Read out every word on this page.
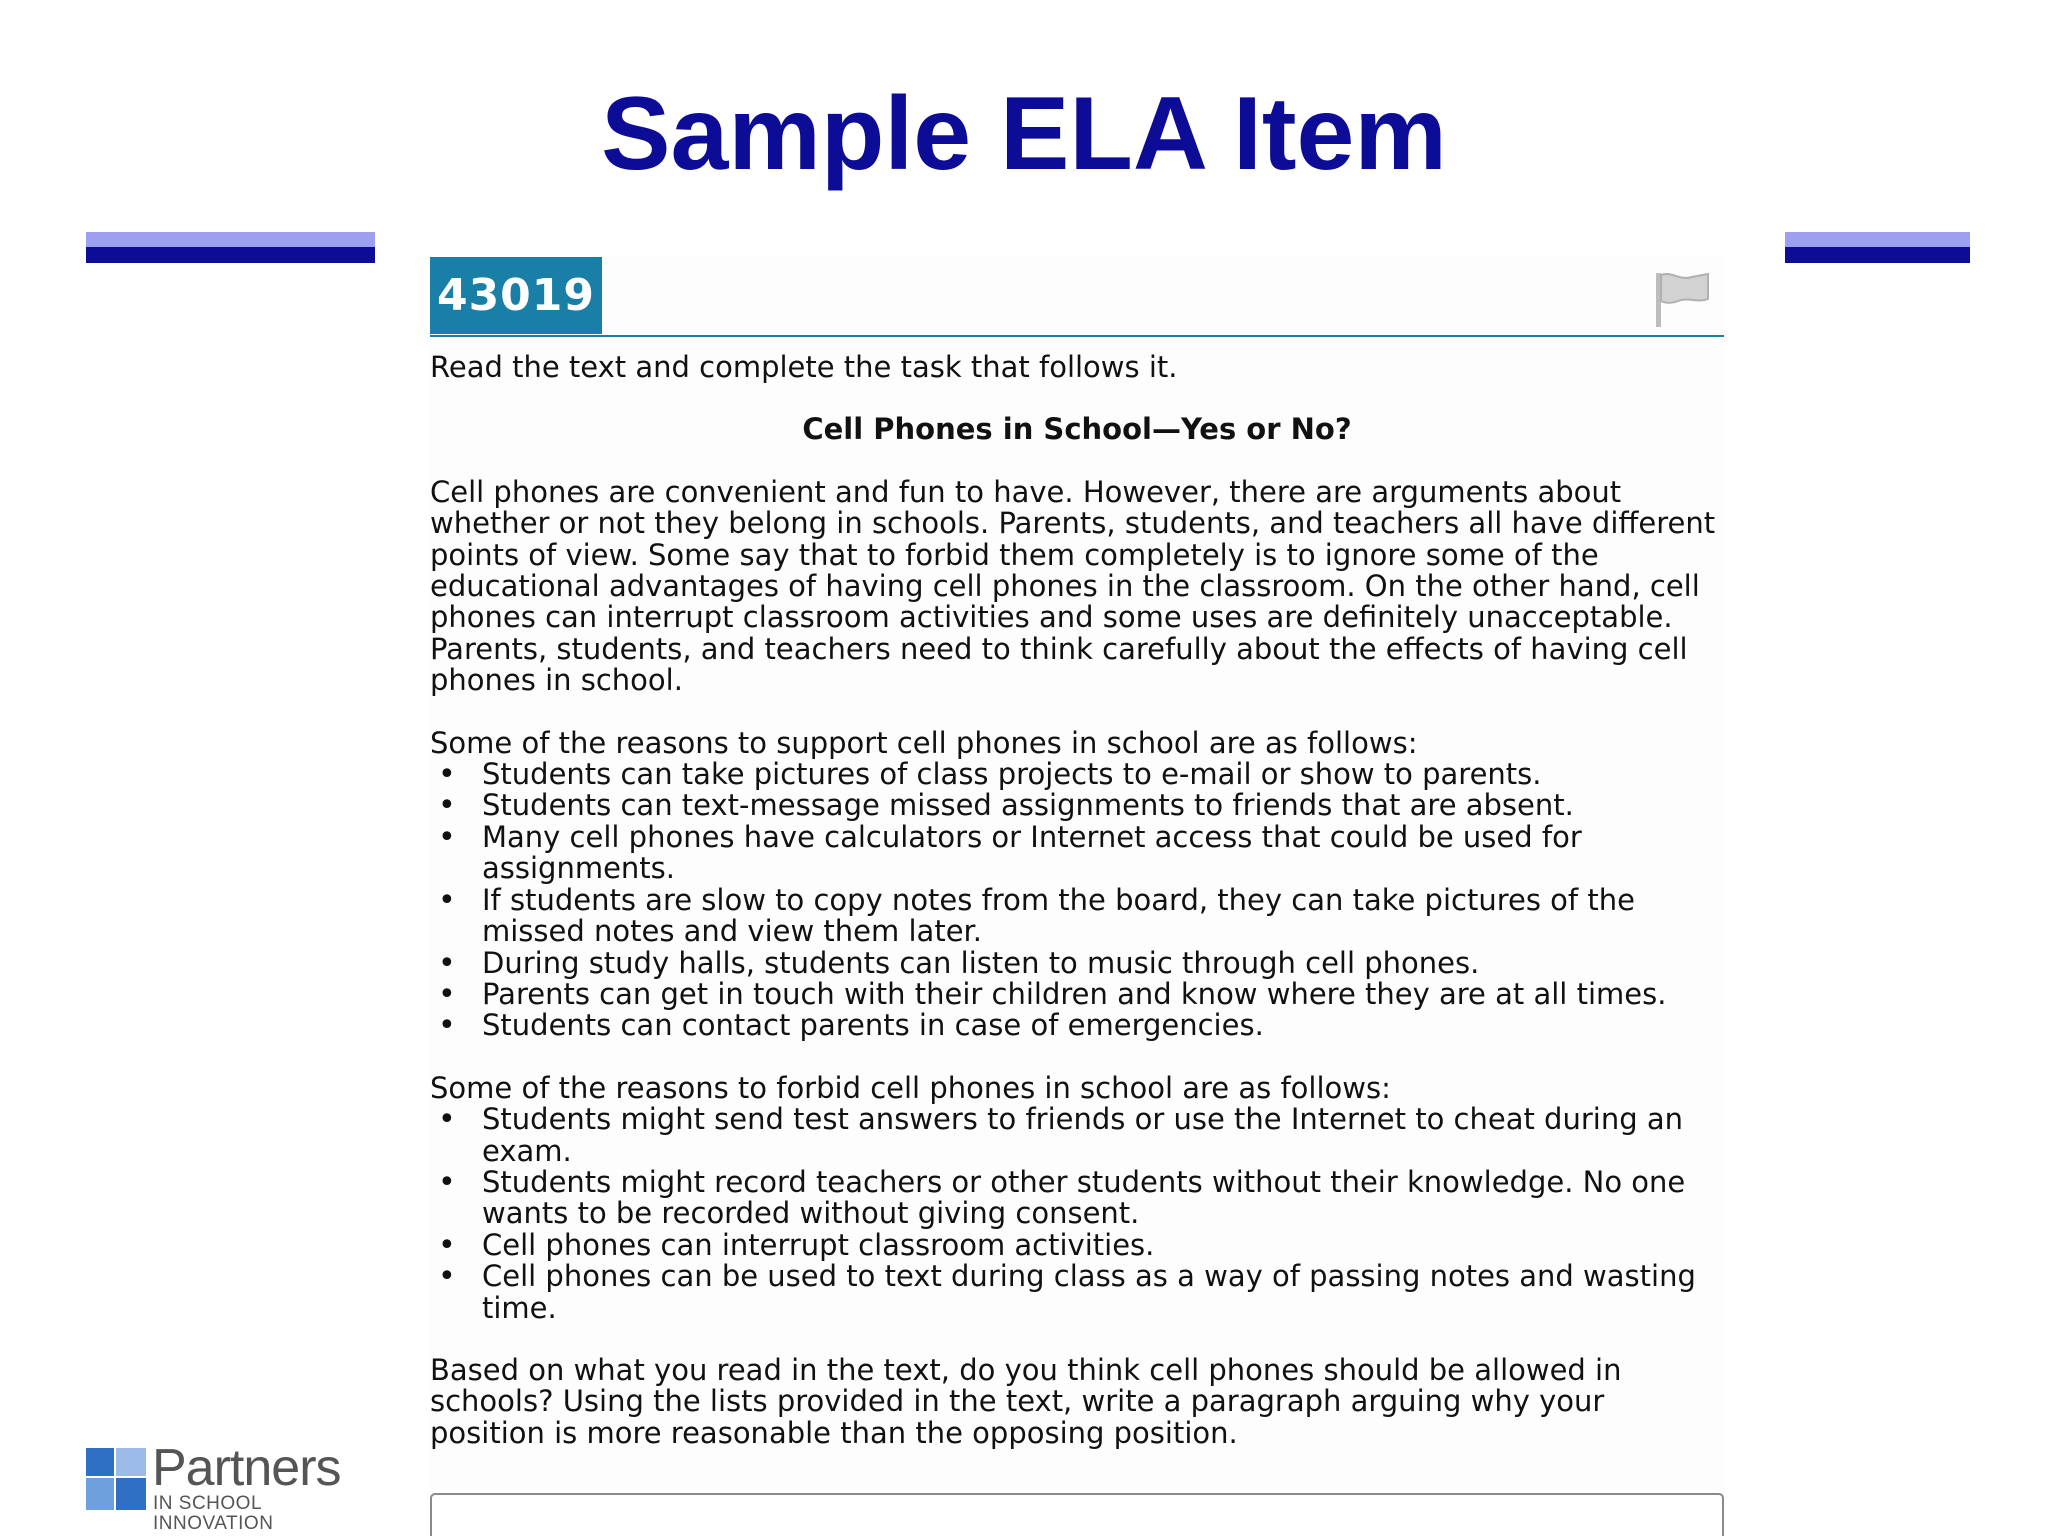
Sample ELA Item
43019

Read the text and complete the task that follows it.

Cell Phones in School—Yes or No?

Cell phones are convenient and fun to have. However, there are arguments about whether or not they belong in schools. Parents, students, and teachers all have different points of view. Some say that to forbid them completely is to ignore some of the educational advantages of having cell phones in the classroom. On the other hand, cell phones can interrupt classroom activities and some uses are definitely unacceptable. Parents, students, and teachers need to think carefully about the effects of having cell phones in school.

Some of the reasons to support cell phones in school are as follows:

• Students can take pictures of class projects to e-mail or show to parents.
• Students can text-message missed assignments to friends that are absent.
• Many cell phones have calculators or Internet access that could be used for assignments.
• If students are slow to copy notes from the board, they can take pictures of the missed notes and view them later.
• During study halls, students can listen to music through cell phones.
• Parents can get in touch with their children and know where they are at all times.
• Students can contact parents in case of emergencies.

Some of the reasons to forbid cell phones in school are as follows:

• Students might send test answers to friends or use the Internet to cheat during an exam.
• Students might record teachers or other students without their knowledge. No one wants to be recorded without giving consent.
• Cell phones can interrupt classroom activities.
• Cell phones can be used to text during class as a way of passing notes and wasting time.

Based on what you read in the text, do you think cell phones should be allowed in schools? Using the lists provided in the text, write a paragraph arguing why your position is more reasonable than the opposing position.

Partners
IN SCHOOL INNOVATION
